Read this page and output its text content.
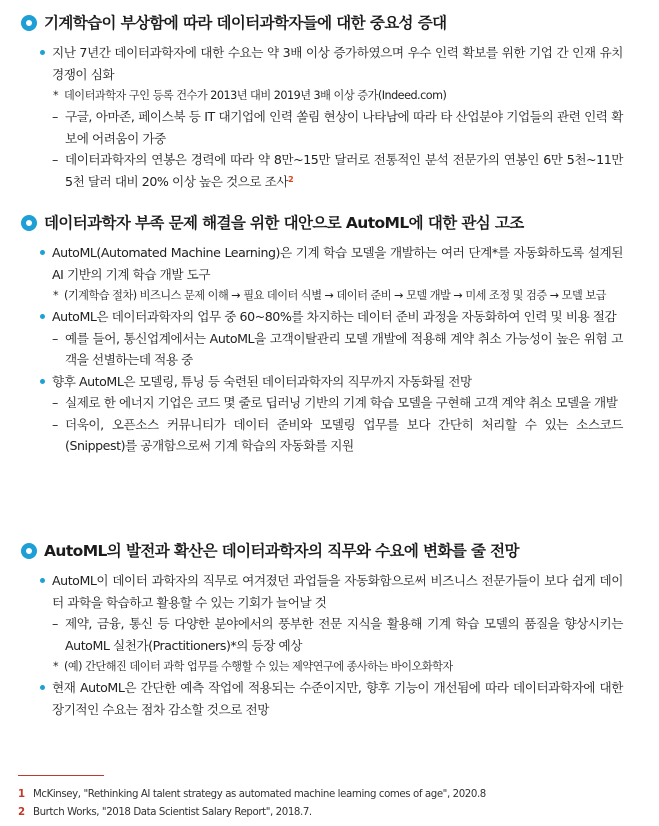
기계학습이 부상함에 따라 데이터과학자들에 대한 중요성 증대
지난 7년간 데이터과학자에 대한 수요는 약 3배 이상 증가하였으며 우수 인력 확보를 위한 기업 간 인재 유치 경쟁이 심화
* 데이터과학자 구인 등록 건수가 2013년 대비 2019년 3배 이상 증가(Indeed.com)
– 구글, 아마존, 페이스북 등 IT 대기업에 인력 쏠림 현상이 나타남에 따라 타 산업분야 기업들의 관련 인력 확보에 어려움이 가중
– 데이터과학자의 연봉은 경력에 따라 약 8만~15만 달러로 전통적인 분석 전문가의 연봉인 6만 5천~11만 5천 달러 대비 20% 이상 높은 것으로 조사$^2$
데이터과학자 부족 문제 해결을 위한 대안으로 AutoML에 대한 관심 고조
AutoML(Automated Machine Learning)은 기계 학습 모델을 개발하는 여러 단계*를 자동화하도록 설계된 AI 기반의 기계 학습 개발 도구
* (기계학습 절차) 비즈니스 문제 이해 → 필요 데이터 식별 → 데이터 준비 → 모델 개발 → 미세 조정 및 검증 → 모델 보급
AutoML은 데이터과학자의 업무 중 60~80%를 차지하는 데이터 준비 과정을 자동화하여 인력 및 비용 절감
– 예를 들어, 통신업계에서는 AutoML을 고객이탈관리 모델 개발에 적용해 계약 취소 가능성이 높은 위험 고객을 선별하는데 적용 중
향후 AutoML은 모델링, 튜닝 등 숙련된 데이터과학자의 직무까지 자동화될 전망
– 실제로 한 에너지 기업은 코드 몇 줄로 딥러닝 기반의 기계 학습 모델을 구현해 고객 계약 취소 모델을 개발
– 더욱이, 오픈소스 커뮤니티가 데이터 준비와 모델링 업무를 보다 간단히 처리할 수 있는 소스코드 (Snippest)를 공개함으로써 기계 학습의 자동화를 지원
AutoML의 발전과 확산은 데이터과학자의 직무와 수요에 변화를 줄 전망
AutoML이 데이터 과학자의 직무로 여겨졌던 과업들을 자동화함으로써 비즈니스 전문가들이 보다 쉽게 데이터 과학을 학습하고 활용할 수 있는 기회가 늘어날 것
– 제약, 금융, 통신 등 다양한 분야에서의 풍부한 전문 지식을 활용해 기계 학습 모델의 품질을 향상시키는 AutoML 실천가(Practitioners)*의 등장 예상
* (예) 간단해진 데이터 과학 업무를 수행할 수 있는 제약연구에 종사하는 바이오화학자
현재 AutoML은 간단한 예측 작업에 적용되는 수준이지만, 향후 기능이 개선됨에 따라 데이터과학자에 대한 장기적인 수요는 점차 감소할 것으로 전망
1 McKinsey, "Rethinking AI talent strategy as automated machine learning comes of age", 2020.8
2 Burtch Works, "2018 Data Scientist Salary Report", 2018.7.
